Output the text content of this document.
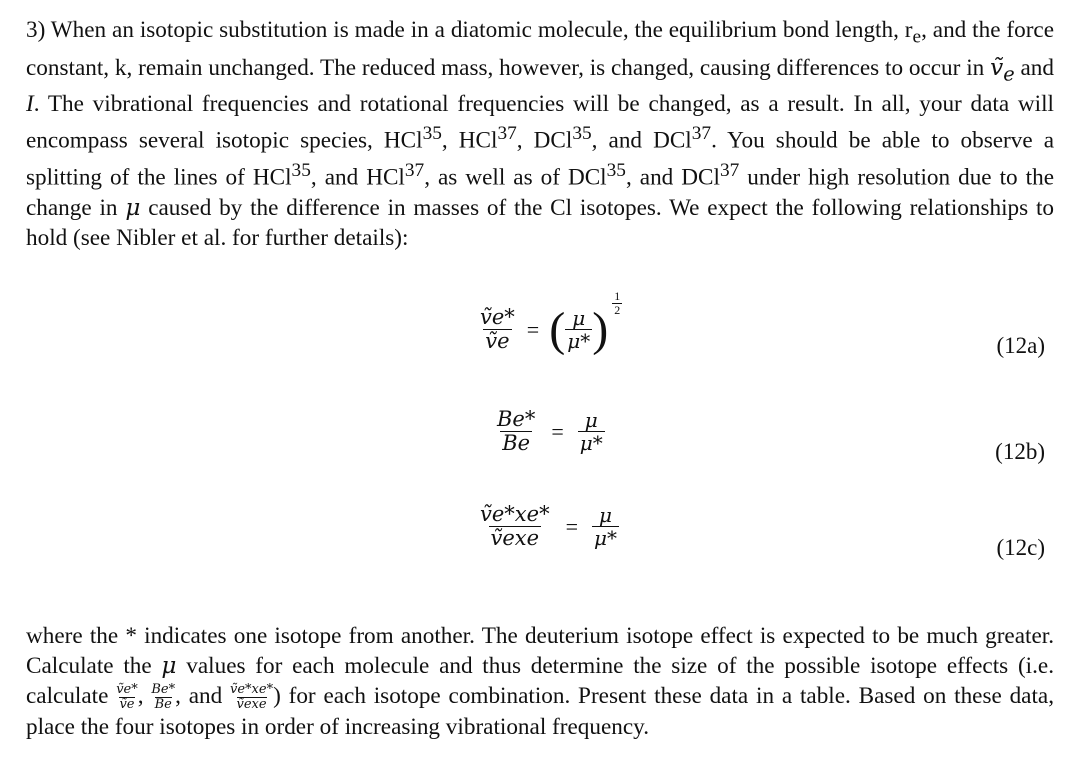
3) When an isotopic substitution is made in a diatomic molecule, the equilibrium bond length, $r_e$, and the force constant, k, remain unchanged. The reduced mass, however, is changed, causing differences to occur in ṽ$_e$ and I. The vibrational frequencies and rotational frequencies will be changed, as a result. In all, your data will encompass several isotopic species, HCl$^{35}$, HCl$^{37}$, DCl$^{35}$, and DCl$^{37}$. You should be able to observe a splitting of the lines of HCl$^{35}$, and HCl$^{37}$, as well as of DCl$^{35}$, and DCl$^{37}$ under high resolution due to the change in μ caused by the difference in masses of the Cl isotopes. We expect the following relationships to hold (see Nibler et al. for further details):

$\frac{\text{ṽe*}}{\text{ṽe}}$ = ( $\frac{\mu}{\mu*}$ ) $\frac{1}{2}$
(12a)
$\frac{Be*}{Be} = \frac{\mu}{\mu*}$	(12b)
$\frac{\text{ṽe*xe*}}{\text{ṽexe}} = \frac{\mu}{\mu*}$	(12c)

where the * indicates one isotope from another. The deuterium isotope effect is expected to be much greater. Calculate the μ values for each molecule and thus determine the size of the possible isotope effects (i.e. calculate $\frac{\text{ṽe*}}{\text{ṽe}}$ , $\frac{Be*}{Be}$ , and $\frac{\text{ṽe*xe*}}{\text{ṽexe}}$ ) for each isotope combination. Present these data in a table. Based on these data, place the four isotopes in order of increasing vibrational frequency.
